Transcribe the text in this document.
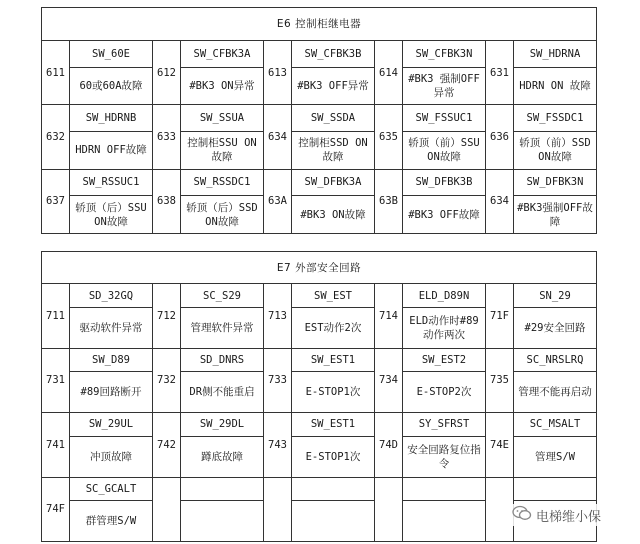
E6 控制柜继电器									
611	SW_60E	612	SW_CFBK3A	613	SW_CFBK3B	614	SW_CFBK3N	631	SW_HDRNA
	60或60A故障		#BK3 ON异常		#BK3 OFF异常		#BK3 强制OFF异常		HDRN ON 故障
632	SW_HDRNB	633	SW_SSUA	634	SW_SSDA	635	SW_FSSUC1	636	SW_FSSDC1
	HDRN OFF故障		控制柜SSU ON故障		控制柜SSD ON故障		轿顶（前）SSU ON故障		轿顶（前）SSD ON故障
637	SW_RSSUC1	638	SW_RSSDC1	63A	SW_DFBK3A	63B	SW_DFBK3B	634	SW_DFBK3N
	轿顶（后）SSU ON故障		轿顶（后）SSD ON故障		#BK3 ON故障		#BK3 OFF故障		#BK3强制OFF故障
E7 外部安全回路									
711	SD_32GQ	712	SC_S29	713	SW_EST	714	ELD_D89N	71F	SN_29
	驱动软件异常		管理软件异常		EST动作2次		ELD动作时#89动作两次		#29安全回路
731	SW_D89	732	SD_DNRS	733	SW_EST1	734	SW_EST2	735	SC_NRSLRQ
	#89回路断开		DR侧不能重启		E-STOP1次		E-STOP2次		管理不能再启动
741	SW_29UL	742	SW_29DL	743	SW_EST1	74D	SY_SFRST	74E	SC_MSALT
	冲顶故障		蹲底故障		E-STOP1次		安全回路复位指令		管理S/W
74F	SC_GCALT								
	群管理S/W									电梯维小保
